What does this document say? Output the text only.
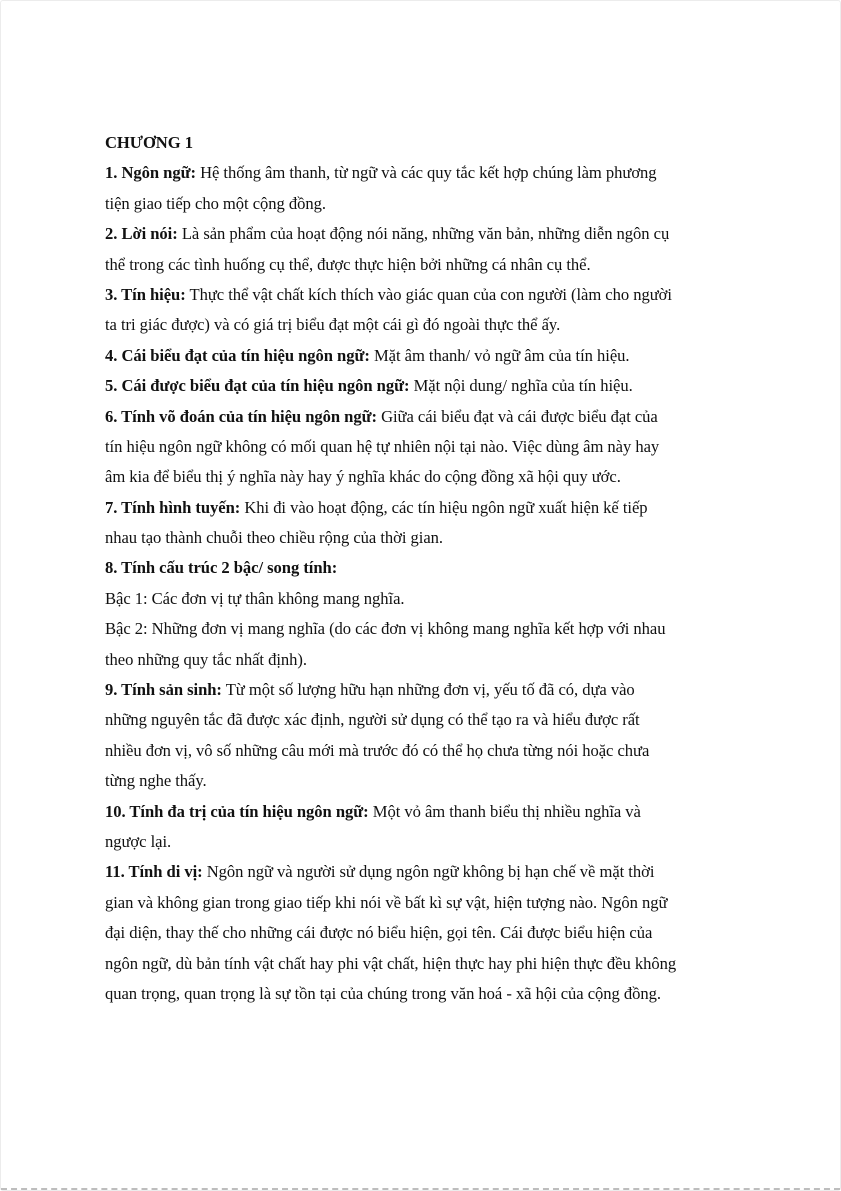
CHƯƠNG 1
1. Ngôn ngữ: Hệ thống âm thanh, từ ngữ và các quy tắc kết hợp chúng làm phương
tiện giao tiếp cho một cộng đồng.
2. Lời nói: Là sản phẩm của hoạt động nói năng, những văn bản, những diễn ngôn cụ
thể trong các tình huống cụ thể, được thực hiện bởi những cá nhân cụ thể.
3. Tín hiệu: Thực thể vật chất kích thích vào giác quan của con người (làm cho người
ta tri giác được) và có giá trị biểu đạt một cái gì đó ngoài thực thể ấy.
4. Cái biểu đạt của tín hiệu ngôn ngữ: Mặt âm thanh/ vỏ ngữ âm của tín hiệu.
5. Cái được biểu đạt của tín hiệu ngôn ngữ: Mặt nội dung/ nghĩa của tín hiệu.
6. Tính võ đoán của tín hiệu ngôn ngữ: Giữa cái biểu đạt và cái được biểu đạt của
tín hiệu ngôn ngữ không có mối quan hệ tự nhiên nội tại nào. Việc dùng âm này hay
âm kia để biểu thị ý nghĩa này hay ý nghĩa khác do cộng đồng xã hội quy ước.
7. Tính hình tuyến: Khi đi vào hoạt động, các tín hiệu ngôn ngữ xuất hiện kế tiếp
nhau tạo thành chuỗi theo chiều rộng của thời gian.
8. Tính cấu trúc 2 bậc/ song tính:
Bậc 1: Các đơn vị tự thân không mang nghĩa.
Bậc 2: Những đơn vị mang nghĩa (do các đơn vị không mang nghĩa kết hợp với nhau
theo những quy tắc nhất định).
9. Tính sản sinh: Từ một số lượng hữu hạn những đơn vị, yếu tố đã có, dựa vào
những nguyên tắc đã được xác định, người sử dụng có thể tạo ra và hiểu được rất
nhiều đơn vị, vô số những câu mới mà trước đó có thể họ chưa từng nói hoặc chưa
từng nghe thấy.
10. Tính đa trị của tín hiệu ngôn ngữ: Một vỏ âm thanh biểu thị nhiều nghĩa và
ngược lại.
11. Tính di vị: Ngôn ngữ và người sử dụng ngôn ngữ không bị hạn chế về mặt thời
gian và không gian trong giao tiếp khi nói về bất kì sự vật, hiện tượng nào. Ngôn ngữ
đại diện, thay thế cho những cái được nó biểu hiện, gọi tên. Cái được biểu hiện của
ngôn ngữ, dù bản tính vật chất hay phi vật chất, hiện thực hay phi hiện thực đều không
quan trọng, quan trọng là sự tồn tại của chúng trong văn hoá - xã hội của cộng đồng.
